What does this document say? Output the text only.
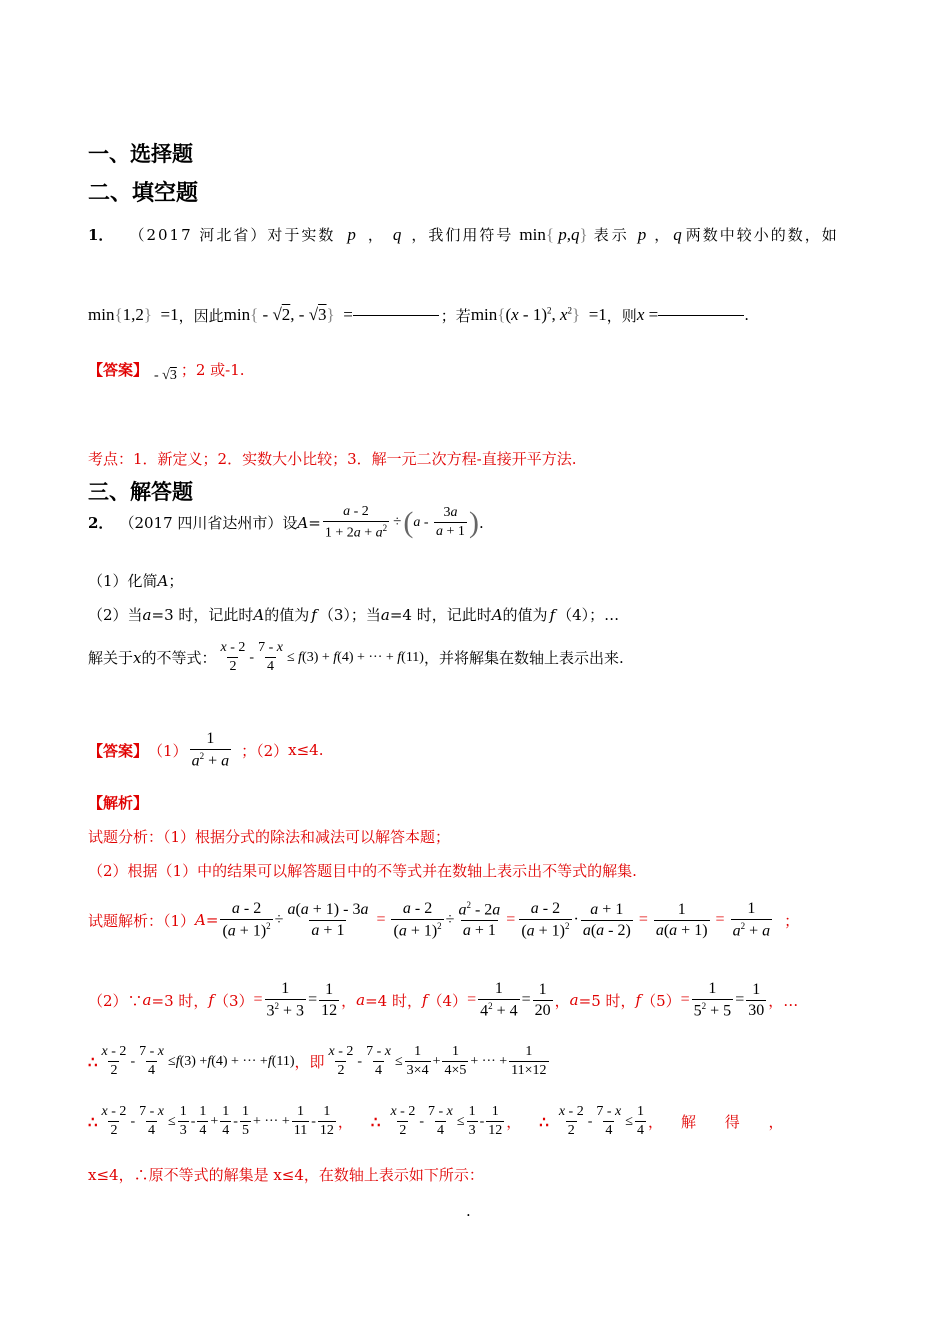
一、选择题
二、填空题
1． （2017 河北省）对于实数 p ， q ，我们用符号 min{ p,q} 表示 p ， q 两数中较小的数，如
min{1,2}  =1 ，因此 min{ - √2, - √3}  =	；若 min{(x - 1)$^2$, $x^2\} =1$ ，则 x =	.
【答案】 - √3 ；2 或-1.
考点：1．新定义；2．实数大小比较；3．解一元二次方程-直接开平方法.
三、解答题
2． （2017 四川省达州市）设 $A = \frac{a - 2}{1 + 2a + a^2}$ ÷ ( a - $\frac{3a}{a + 1}$ ) .
（1）化简A；
（2）当a=3 时，记此时A的值为 f （3）；当a=4 时，记此时A的值为 f （4）；…
解关于 x 的不等式： $\frac{x - 2}{2} - \frac{7 - x}{4} \le f(3) + f(4)$ + ··· + f(11) ，并将解集在数轴上表示出来.
【答案】 $(1) \frac{1}{a^2 + a}$ ；（2） x≤4.
【解析】
试题分析：（1）根据分式的除法和减法可以解答本题；
（2）根据（1）中的结果可以解答题目中的不等式并在数轴上表示出不等式的解集.
试题解析：（1） $A = \frac{a - 2}{(a + 1)^2} \div \frac{a(a + 1) - 3a}{a + 1} = \frac{a - 2}{(a + 1)^2} \div \frac{a^2 - 2a}{a + 1} = \frac{a - 2}{(a + 1)^2} \cdot \frac{a + 1}{a(a - 2)} = \frac{1}{a(a + 1)} = \frac{1}{a^2 + a}$ ；
（2）∵ a =3 时， f $(3) = \frac{1}{3^2 + 3} = \frac{1}{12}$ ， a =4 时， f $(4) = \frac{1}{4^2 + 4} = \frac{1}{20}$ ， a =5 时， f $(5) = \frac{1}{5^2 + 5} = \frac{1}{30}$ ，…
∴ $\frac{x - 2}{2} - \frac{7 - x}{4} \le f$ (3) + f (4) + ··· + f (11) ，即 $\frac{x - 2}{2} - \frac{7 - x}{4} \le \frac{1}{3\times 4} + \frac{1}{4\times 5}$ + ··· + $\frac{1}{11\times 12}$
∴ $\frac{x - 2}{2} - \frac{7 - x}{4} \le \frac{1}{3} - \frac{1}{4} + \frac{1}{4} - \frac{1}{5}$ + ··· + $\frac{1}{11} - \frac{1}{12}$ ， ∴ $\frac{x - 2}{2} - \frac{7 - x}{4} \le \frac{1}{3} - \frac{1}{12}$ ， ∴ $\frac{x - 2}{2} - \frac{7 - x}{4} \le \frac{1}{4}$ ， 解 得 ，
x≤4，∴原不等式的解集是 x≤4，在数轴上表示如下所示：
.
